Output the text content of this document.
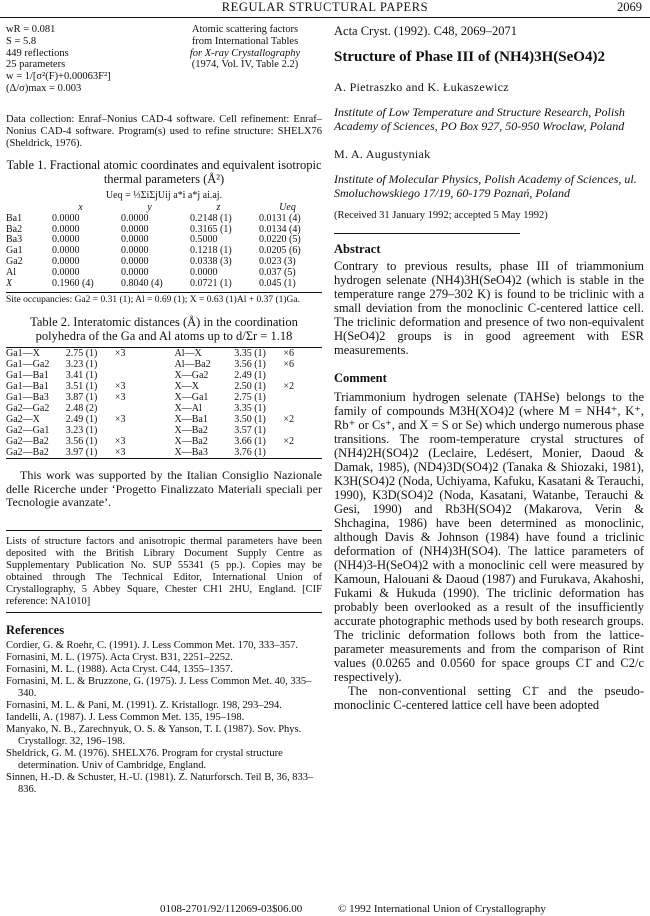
REGULAR STRUCTURAL PAPERS	2069
wR = 0.081
S = 5.8
449 reflections
25 parameters
w = 1/[σ²(F)+0.00063F²]
(Δ/σ)max = 0.003
Atomic scattering factors
from International Tables
for X-ray Crystallography
(1974, Vol. IV, Table 2.2)

Data collection: Enraf–Nonius CAD-4 software. Cell refinement: Enraf–Nonius CAD-4 software. Program(s) used to refine structure: SHELX76 (Sheldrick, 1976).

Table 1. Fractional atomic coordinates and equivalent isotropic thermal parameters (Å²)

Ueq = ⅓ΣiΣjUij a*i a*j ai.aj.
	x	y	z	Ueq
Ba1	0.0000	0.0000	0.2148 (1)	0.0131 (4)
Ba2	0.0000	0.0000	0.3165 (1)	0.0134 (4)
Ba3	0.0000	0.0000	0.5000	0.0220 (5)
Ga1	0.0000	0.0000	0.1218 (1)	0.0205 (6)
Ga2	0.0000	0.0000	0.0338 (3)	0.023 (3)
Al	0.0000	0.0000	0.0000	0.037 (5)
X	0.1960 (4)	0.8040 (4)	0.0721 (1)	0.045 (1)
Site occupancies: Ga2 = 0.31 (1); Al = 0.69 (1); X = 0.63 (1)Al + 0.37 (1)Ga.

Table 2. Interatomic distances (Å) in the coordination polyhedra of the Ga and Al atoms up to d/Σr = 1.18

Ga1—X	2.75 (1)	×3	Al—X	3.35 (1)	×6
Ga1—Ga2	3.23 (1)		Al—Ba2	3.56 (1)	×6
Ga1—Ba1	3.41 (1)		X—Ga2	2.49 (1)	
Ga1—Ba1	3.51 (1)	×3	X—X	2.50 (1)	×2
Ga1—Ba3	3.87 (1)	×3	X—Ga1	2.75 (1)	
Ga2—Ga2	2.48 (2)		X—Al	3.35 (1)	
Ga2—X	2.49 (1)	×3	X—Ba1	3.50 (1)	×2
Ga2—Ga1	3.23 (1)		X—Ba2	3.57 (1)	
Ga2—Ba2	3.56 (1)	×3	X—Ba2	3.66 (1)	×2
Ga2—Ba2	3.97 (1)	×3	X—Ba3	3.76 (1)	

This work was supported by the Italian Consiglio Nazionale delle Ricerche under ‘Progetto Finalizzato Materiali speciali per Tecnologie avanzate’.

Lists of structure factors and anisotropic thermal parameters have been deposited with the British Library Document Supply Centre as Supplementary Publication No. SUP 55341 (5 pp.). Copies may be obtained through The Technical Editor, International Union of Crystallography, 5 Abbey Square, Chester CH1 2HU, England. [CIF reference: NA1010]

References

Cordier, G. & Roehr, C. (1991). J. Less Common Met. 170, 333–357.

Fornasini, M. L. (1975). Acta Cryst. B31, 2251–2252.

Fornasini, M. L. (1988). Acta Cryst. C44, 1355–1357.

Fornasini, M. L. & Bruzzone, G. (1975). J. Less Common Met. 40, 335–340.

Fornasini, M. L. & Pani, M. (1991). Z. Kristallogr. 198, 293–294.

Iandelli, A. (1987). J. Less Common Met. 135, 195–198.

Manyako, N. B., Zarechnyuk, O. S. & Yanson, T. I. (1987). Sov. Phys. Crystallogr. 32, 196–198.

Sheldrick, G. M. (1976). SHELX76. Program for crystal structure determination. Univ of Cambridge, England.

Sinnen, H.-D. & Schuster, H.-U. (1981). Z. Naturforsch. Teil B, 36, 833–836.

Acta Cryst. (1992). C48, 2069–2071

Structure of Phase III of (NH4)3H(SeO4)2

A. Pietraszko and K. Łukaszewicz

Institute of Low Temperature and Structure Research, Polish Academy of Sciences, PO Box 927, 50-950 Wroclaw, Poland

M. A. Augustyniak

Institute of Molecular Physics, Polish Academy of Sciences, ul. Smoluchowskiego 17/19, 60-179 Poznań, Poland

(Received 31 January 1992; accepted 5 May 1992)

Abstract

Contrary to previous results, phase III of triammonium hydrogen selenate (NH4)3H(SeO4)2 (which is stable in the temperature range 279–302 K) is found to be triclinic with a small deviation from the monoclinic C-centered lattice cell. The triclinic deformation and presence of two non-equivalent H(SeO4)2 groups is in good agreement with ESR measurements.

Comment

Triammonium hydrogen selenate (TAHSe) belongs to the family of compounds M3H(XO4)2 (where M = NH4⁺, K⁺, Rb⁺ or Cs⁺, and X = S or Se) which undergo numerous phase transitions. The room-temperature crystal structures of (NH4)2H(SO4)2 (Leclaire, Ledésert, Monier, Daoud & Damak, 1985), (ND4)3D(SO4)2 (Tanaka & Shiozaki, 1981), K3H(SO4)2 (Noda, Uchiyama, Kafuku, Kasatani & Terauchi, 1990), K3D(SO4)2 (Noda, Kasatani, Watanbe, Terauchi & Gesi, 1990) and Rb3H(SO4)2 (Makarova, Verin & Shchagina, 1986) have been determined as monoclinic, although Davis & Johnson (1984) have found a triclinic deformation of (NH4)3H(SO4). The lattice parameters of (NH4)3-H(SeO4)2 with a monoclinic cell were measured by Kamoun, Halouani & Daoud (1987) and Furukava, Akahoshi, Fukami & Hukuda (1990). The triclinic deformation has probably been overlooked as a result of the insufficiently accurate photographic methods used by both research groups. The triclinic deformation follows both from the lattice-parameter measurements and from the comparison of Rint values (0.0265 and 0.0560 for space groups C1̄ and C2/c respectively).

The non-conventional setting C1̄ and the pseudo-monoclinic C-centered lattice cell have been adopted

0108-2701/92/112069-03$06.00	© 1992 International Union of Crystallography
